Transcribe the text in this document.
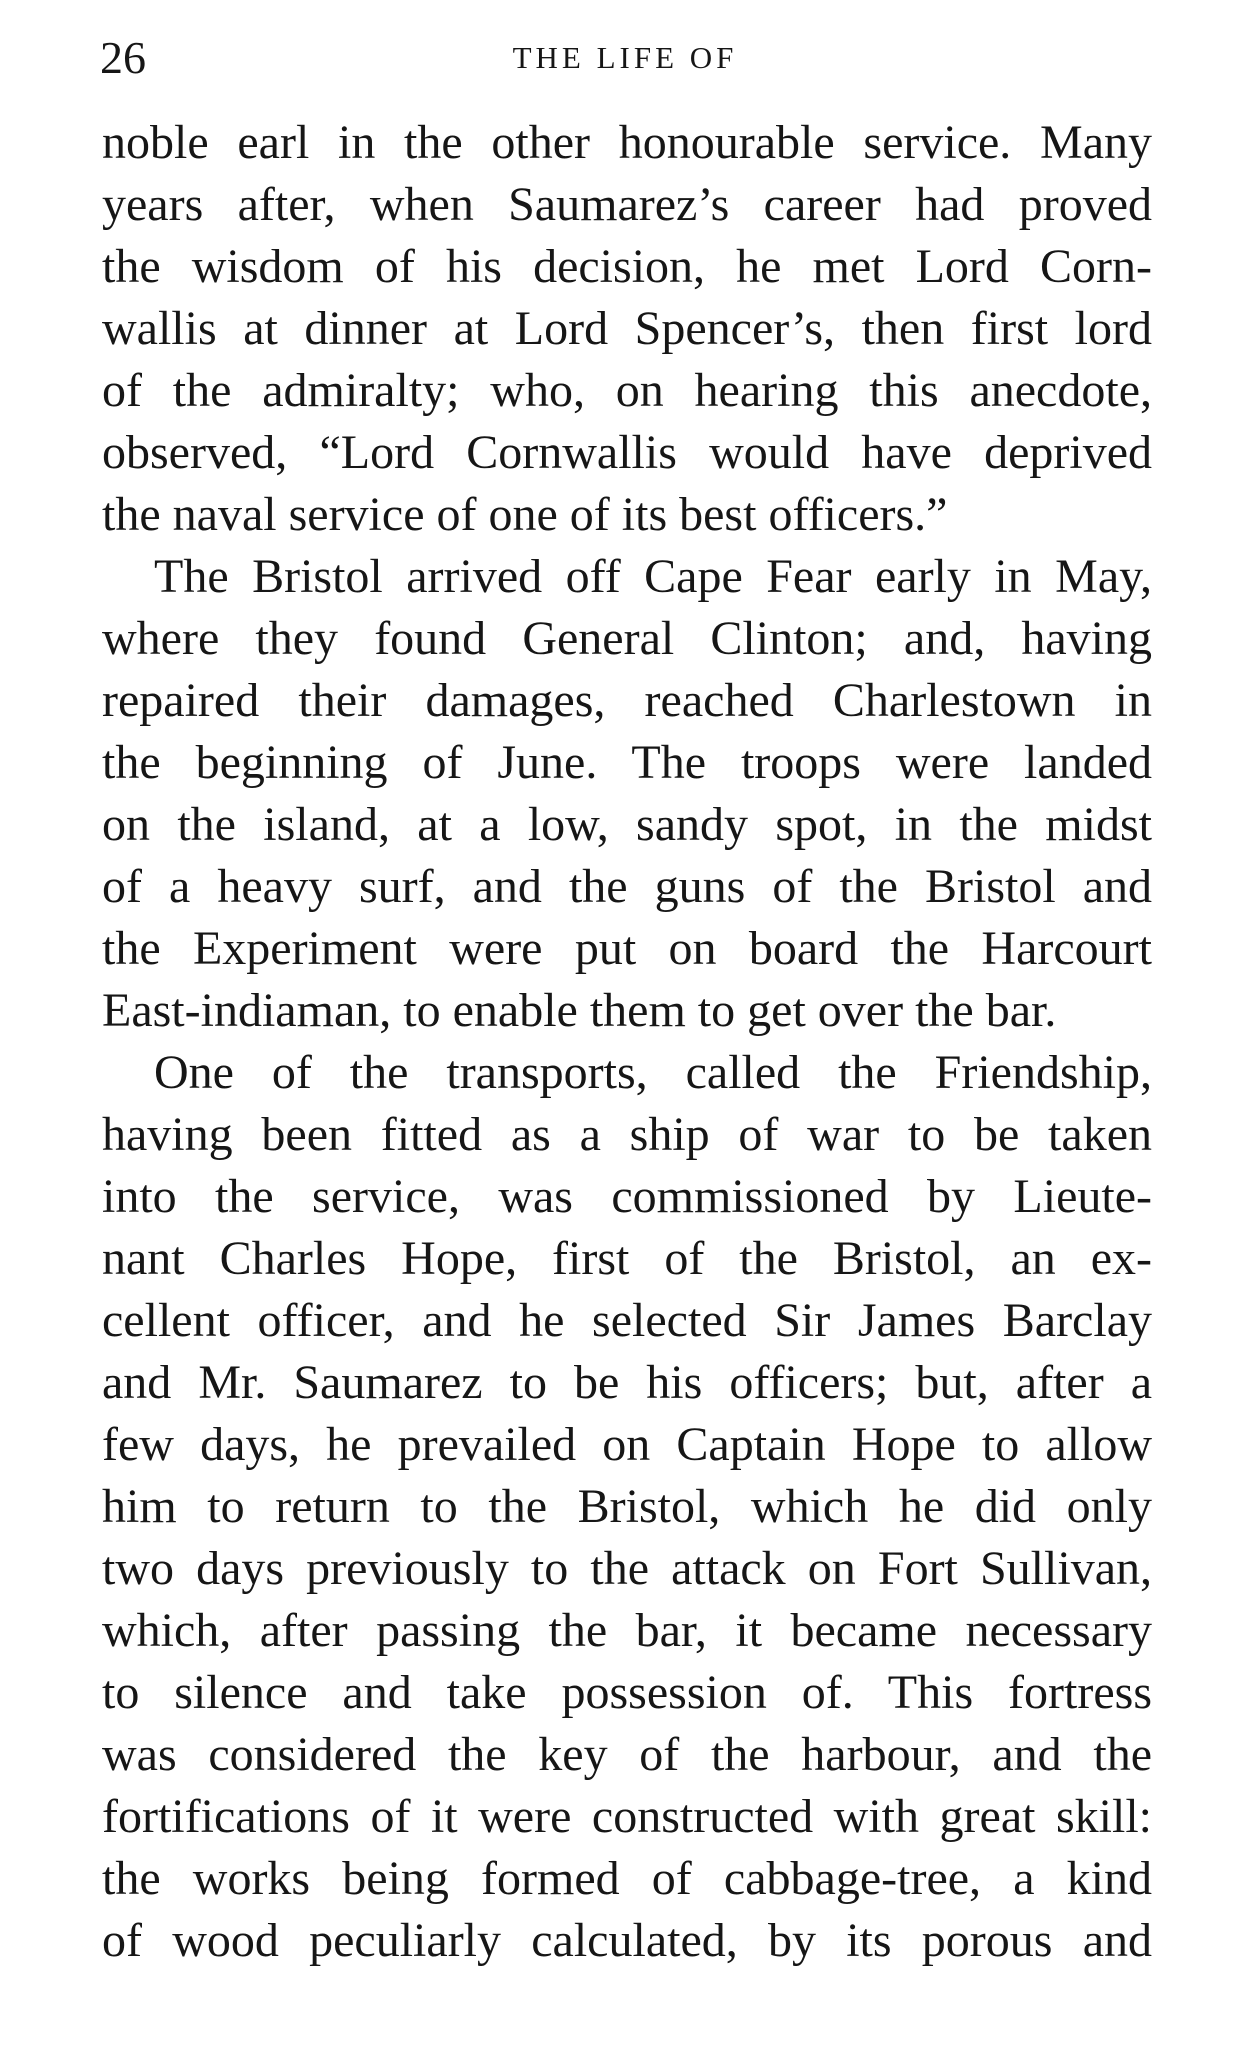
26	THE LIFE OF
noble earl in the other honourable service. Many
years after, when Saumarez’s career had proved
the wisdom of his decision, he met Lord Corn-
wallis at dinner at Lord Spencer’s, then first lord
of the admiralty; who, on hearing this anecdote,
observed, “Lord Cornwallis would have deprived
the naval service of one of its best officers.”
The Bristol arrived off Cape Fear early in May,
where they found General Clinton; and, having
repaired their damages, reached Charlestown in
the beginning of June. The troops were landed
on the island, at a low, sandy spot, in the midst
of a heavy surf, and the guns of the Bristol and
the Experiment were put on board the Harcourt
East-indiaman, to enable them to get over the bar.
One of the transports, called the Friendship,
having been fitted as a ship of war to be taken
into the service, was commissioned by Lieute-
nant Charles Hope, first of the Bristol, an ex-
cellent officer, and he selected Sir James Barclay
and Mr. Saumarez to be his officers; but, after a
few days, he prevailed on Captain Hope to allow
him to return to the Bristol, which he did only
two days previously to the attack on Fort Sullivan,
which, after passing the bar, it became necessary
to silence and take possession of. This fortress
was considered the key of the harbour, and the
fortifications of it were constructed with great skill:
the works being formed of cabbage-tree, a kind
of wood peculiarly calculated, by its porous and
